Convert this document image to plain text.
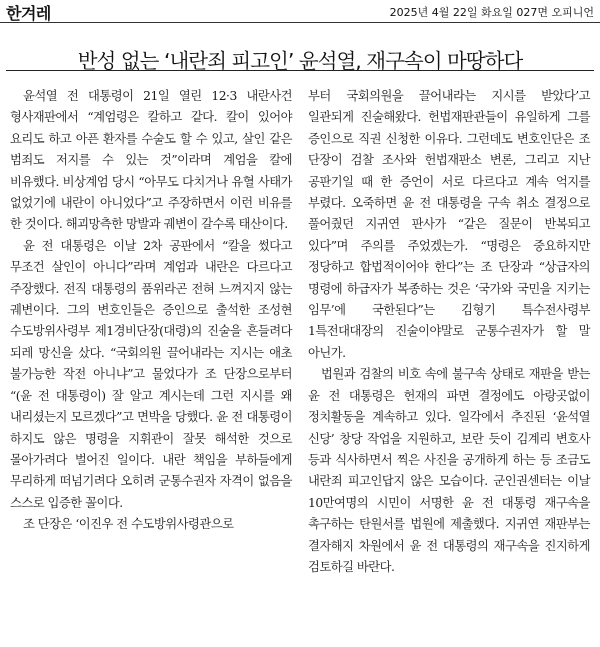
한겨레	2025년 4월 22일 화요일 027면 오피니언
반성 없는 ‘내란죄 피고인’ 윤석열, 재구속이 마땅하다

윤석열 전 대통령이 21일 열린 12·3 내란사건 형사재판에서 “계엄령은 칼하고 같다. 칼이 있어야 요리도 하고 아픈 환자를 수술도 할 수 있고, 살인 같은 범죄도 저지를 수 있는 것”이라며 계엄을 칼에 비유했다. 비상계엄 당시 “아무도 다치거나 유혈 사태가 없었기에 내란이 아니었다”고 주장하면서 이런 비유를 한 것이다. 해괴망측한 망발과 궤변이 갈수록 태산이다.

윤 전 대통령은 이날 2차 공판에서 “칼을 썼다고 무조건 살인이 아니다”라며 계엄과 내란은 다르다고 주장했다. 전직 대통령의 품위라곤 전혀 느껴지지 않는 궤변이다. 그의 변호인들은 증인으로 출석한 조성현 수도방위사령부 제1경비단장(대령)의 진술을 흔들려다 되레 망신을 샀다. “국회의원 끌어내라는 지시는 애초 불가능한 작전 아니냐”고 물었다가 조 단장으로부터 “(윤 전 대통령이) 잘 알고 계시는데 그런 지시를 왜 내리셨는지 모르겠다”고 면박을 당했다. 윤 전 대통령이 하지도 않은 명령을 지휘관이 잘못 해석한 것으로 몰아가려다 벌어진 일이다. 내란 책임을 부하들에게 무리하게 떠넘기려다 오히려 군통수권자 자격이 없음을 스스로 입증한 꼴이다.

조 단장은 ‘이진우 전 수도방위사령관으로

부터 국회의원을 끌어내라는 지시를 받았다’고 일관되게 진술해왔다. 헌법재판관들이 유일하게 그를 증인으로 직권 신청한 이유다. 그런데도 변호인단은 조 단장이 검찰 조사와 헌법재판소 변론, 그리고 지난 공판기일 때 한 증언이 서로 다르다고 계속 억지를 부렸다. 오죽하면 윤 전 대통령을 구속 취소 결정으로 풀어줬던 지귀연 판사가 “같은 질문이 반복되고 있다”며 주의를 주었겠는가. “명령은 중요하지만 정당하고 합법적이어야 한다”는 조 단장과 “상급자의 명령에 하급자가 복종하는 것은 ‘국가와 국민을 지키는 임무’에 국한된다”는 김형기 특수전사령부 1특전대대장의 진술이야말로 군통수권자가 할 말 아닌가.

법원과 검찰의 비호 속에 불구속 상태로 재판을 받는 윤 전 대통령은 헌재의 파면 결정에도 아랑곳없이 정치활동을 계속하고 있다. 일각에서 추진된 ‘윤석열 신당’ 창당 작업을 지원하고, 보란 듯이 김계리 변호사 등과 식사하면서 찍은 사진을 공개하게 하는 등 조금도 내란죄 피고인답지 않은 모습이다. 군인권센터는 이날 10만여명의 시민이 서명한 윤 전 대통령 재구속을 촉구하는 탄원서를 법원에 제출했다. 지귀연 재판부는 결자해지 차원에서 윤 전 대통령의 재구속을 진지하게 검토하길 바란다.
